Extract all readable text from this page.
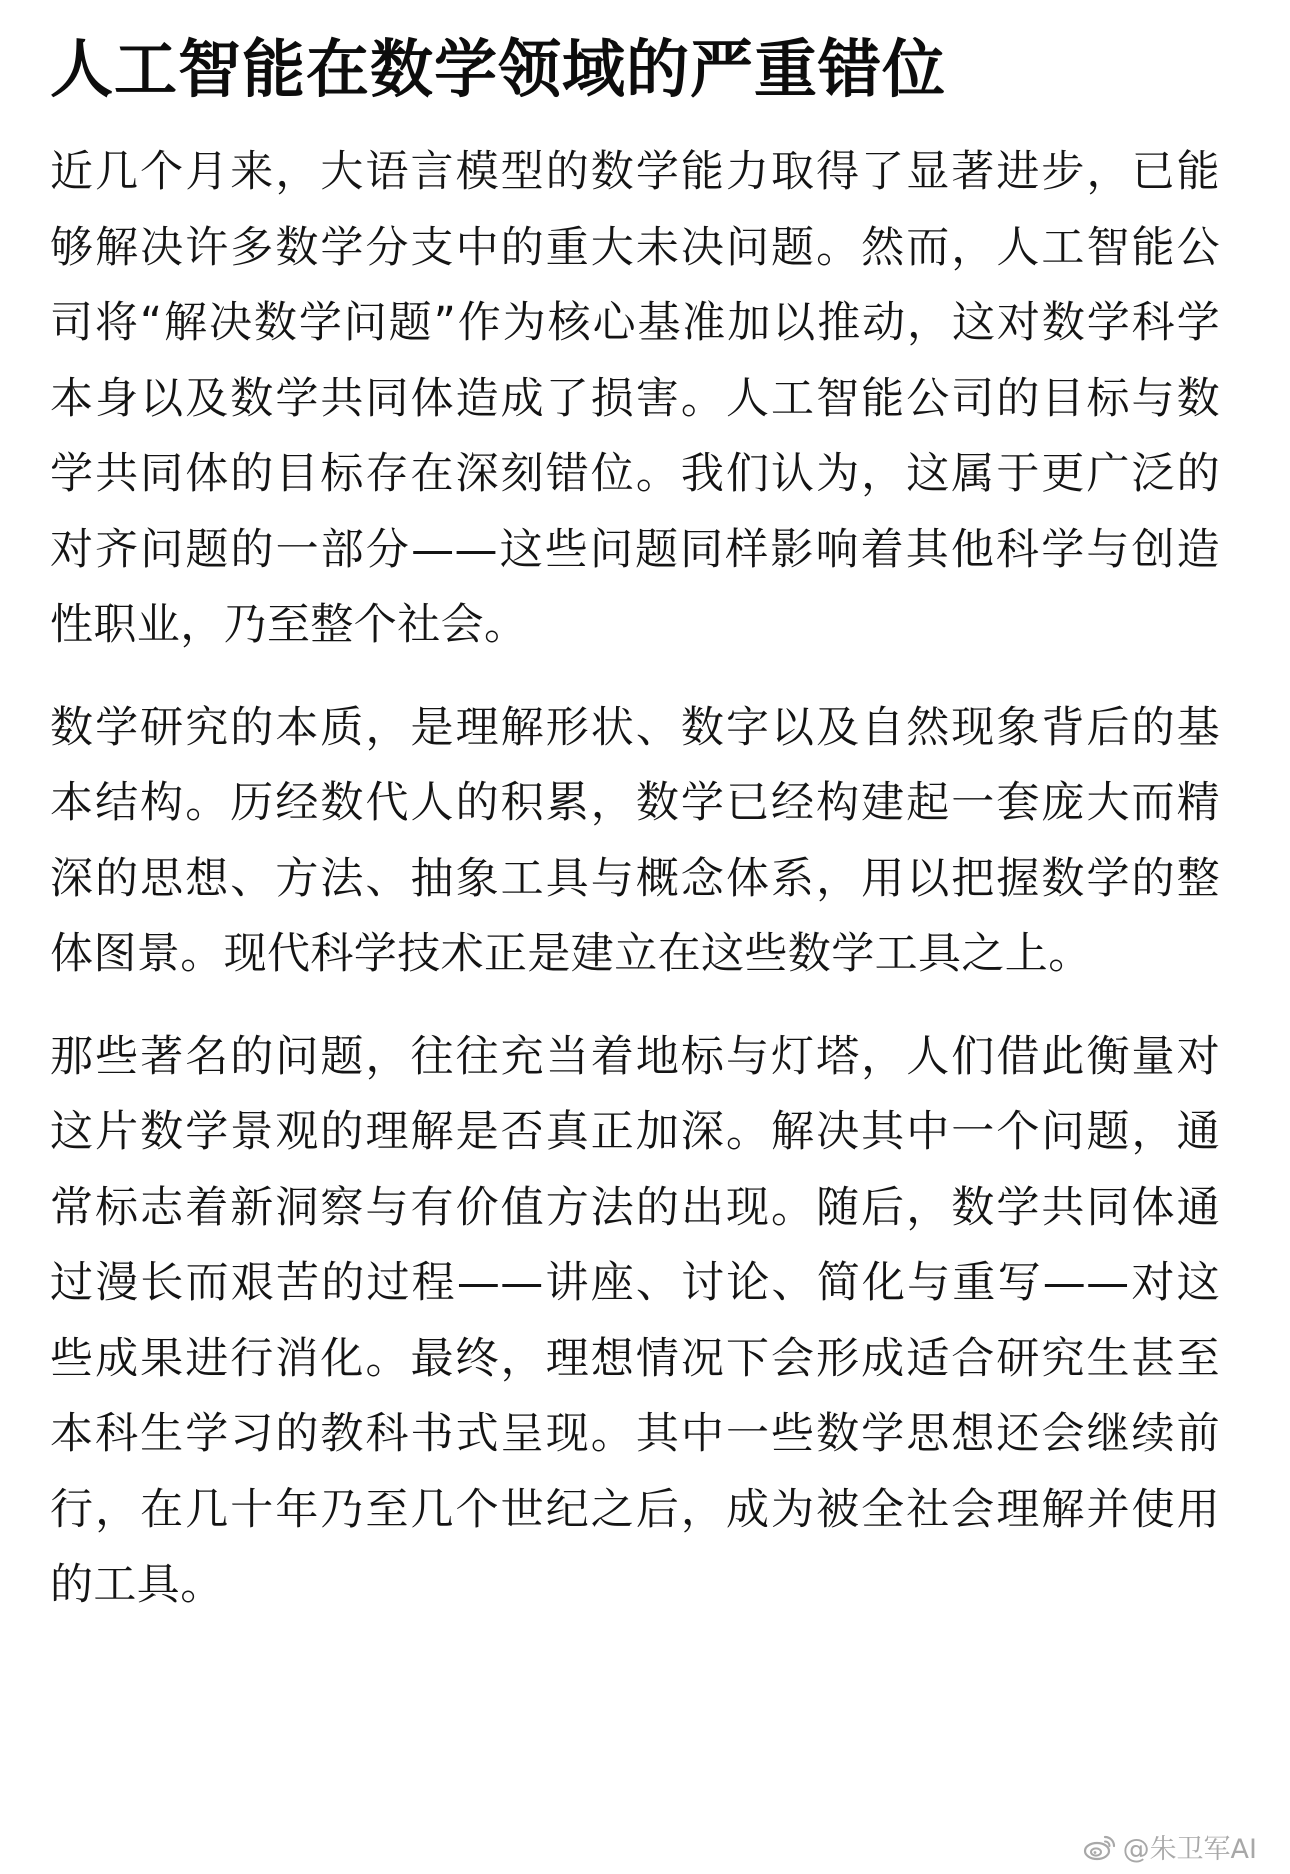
人工智能在数学领域的严重错位

近几个月来，大语言模型的数学能力取得了显著进步，已能够解决许多数学分支中的重大未决问题。然而，人工智能公司将“解决数学问题”作为核心基准加以推动，这对数学科学本身以及数学共同体造成了损害。人工智能公司的目标与数学共同体的目标存在深刻错位。我们认为，这属于更广泛的对齐问题的一部分——这些问题同样影响着其他科学与创造性职业，乃至整个社会。

数学研究的本质，是理解形状、数字以及自然现象背后的基本结构。历经数代人的积累，数学已经构建起一套庞大而精深的思想、方法、抽象工具与概念体系，用以把握数学的整体图景。现代科学技术正是建立在这些数学工具之上。

那些著名的问题，往往充当着地标与灯塔，人们借此衡量对这片数学景观的理解是否真正加深。解决其中一个问题，通常标志着新洞察与有价值方法的出现。随后，数学共同体通过漫长而艰苦的过程——讲座、讨论、简化与重写——对这些成果进行消化。最终，理想情况下会形成适合研究生甚至本科生学习的教科书式呈现。其中一些数学思想还会继续前行，在几十年乃至几个世纪之后，成为被全社会理解并使用的工具。

@朱卫军AI
